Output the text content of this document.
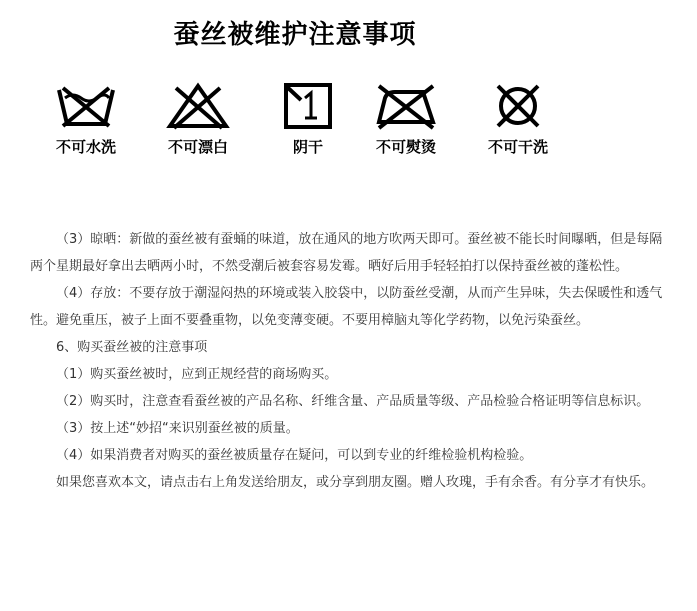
蚕丝被维护注意事项
不可水洗	不可漂白	阴干	不可熨烫	不可干洗

（3）晾晒：新做的蚕丝被有蚕蛹的味道，放在通风的地方吹两天即可。蚕丝被不能长时间曝晒，但是每隔两个星期最好拿出去晒两小时，不然受潮后被套容易发霉。晒好后用手轻轻拍打以保持蚕丝被的蓬松性。

（4）存放：不要存放于潮湿闷热的环境或装入胶袋中，以防蚕丝受潮，从而产生异味，失去保暖性和透气性。避免重压，被子上面不要叠重物，以免变薄变硬。不要用樟脑丸等化学药物，以免污染蚕丝。

6、购买蚕丝被的注意事项

（1）购买蚕丝被时，应到正规经营的商场购买。

（2）购买时，注意查看蚕丝被的产品名称、纤维含量、产品质量等级、产品检验合格证明等信息标识。

（3）按上述“妙招“来识别蚕丝被的质量。

（4）如果消费者对购买的蚕丝被质量存在疑问，可以到专业的纤维检验机构检验。

如果您喜欢本文，请点击右上角发送给朋友，或分享到朋友圈。赠人玫瑰，手有余香。有分享才有快乐。
